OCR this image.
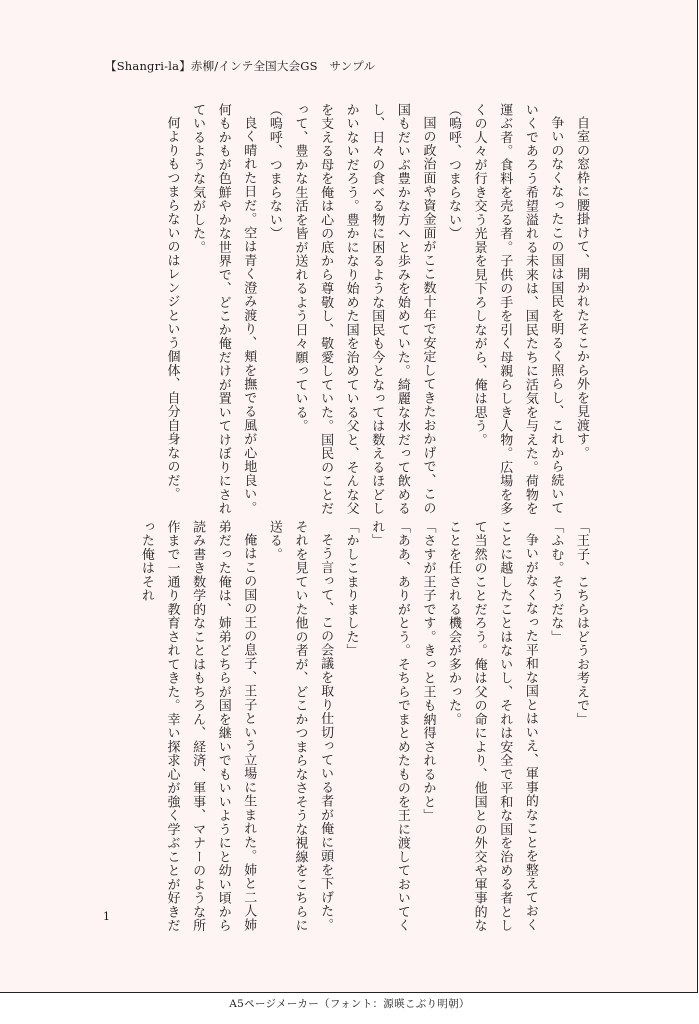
【Shangri-la】赤柳/インテ全国大会GS　サンプル

自室の窓枠に腰掛けて、開かれたそこから外を見渡す。

争いのなくなったこの国は国民を明るく照らし、これから続いていくであろう希望溢れる未来は、国民たちに活気を与えた。荷物を運ぶ者。食料を売る者。子供の手を引く母親らしき人物。広場を多くの人々が行き交う光景を見下ろしながら、俺は思う。

（嗚呼、つまらない）

国の政治面や資金面がここ数十年で安定してきたおかげで、この国もだいぶ豊かな方へと歩みを始めていた。綺麗な水だって飲めるし、日々の食べる物に困るような国民も今となっては数えるほどしかいないだろう。豊かになり始めた国を治めている父と、そんな父を支える母を俺は心の底から尊敬し、敬愛していた。国民のことだって、豊かな生活を皆が送れるよう日々願っている。

（嗚呼、つまらない）

良く晴れた日だ。空は青く澄み渡り、頬を撫でる風が心地良い。何もかもが色鮮やかな世界で、どこか俺だけが置いてけぼりにされているような気がした。

何よりもつまらないのはレンジという個体、自分自身なのだ。

「王子、こちらはどうお考えで」

「ふむ。そうだな」

争いがなくなった平和な国とはいえ、軍事的なことを整えておくことに越したことはないし、それは安全で平和な国を治める者として当然のことだろう。俺は父の命により、他国との外交や軍事的なことを任される機会が多かった。

「さすが王子です。きっと王も納得されるかと」

「ああ、ありがとう。そちらでまとめたものを王に渡しておいてくれ」

「かしこまりました」

そう言って、この会議を取り仕切っている者が俺に頭を下げた。それを見ていた他の者が、どこかつまらなさそうな視線をこちらに送る。

俺はこの国の王の息子、王子という立場に生まれた。姉と二人姉弟だった俺は、姉弟どちらが国を継いでもいいようにと幼い頃から読み書き数学的なことはもちろん、経済、軍事、マナーのような所作まで一通り教育されてきた。幸い探求心が強く学ぶことが好きだった俺はそれ

1
A5ページメーカー（フォント：源暎こぶり明朝）
